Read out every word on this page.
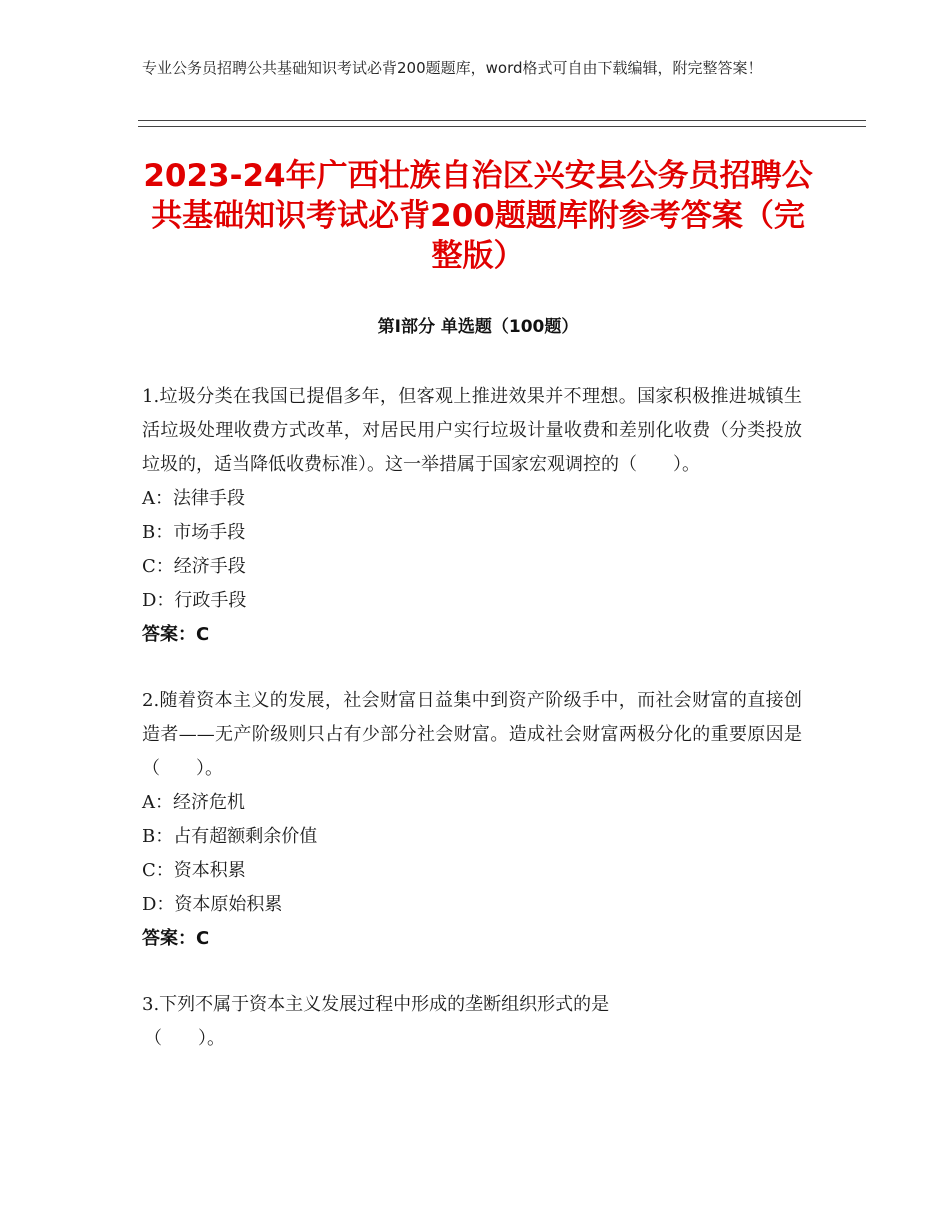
专业公务员招聘公共基础知识考试必背200题题库，word格式可自由下载编辑，附完整答案！
2023-24年广西壮族自治区兴安县公务员招聘公共基础知识考试必背200题题库附参考答案（完整版）
第Ⅰ部分 单选题（100题）
1.垃圾分类在我国已提倡多年，但客观上推进效果并不理想。国家积极推进城镇生活垃圾处理收费方式改革，对居民用户实行垃圾计量收费和差别化收费（分类投放垃圾的，适当降低收费标准）。这一举措属于国家宏观调控的（　　）。
A：法律手段
B：市场手段
C：经济手段
D：行政手段
答案：C
2.随着资本主义的发展，社会财富日益集中到资产阶级手中，而社会财富的直接创造者——无产阶级则只占有少部分社会财富。造成社会财富两极分化的重要原因是（　　）。
A：经济危机
B：占有超额剩余价值
C：资本积累
D：资本原始积累
答案：C
3.下列不属于资本主义发展过程中形成的垄断组织形式的是
（　　）。
